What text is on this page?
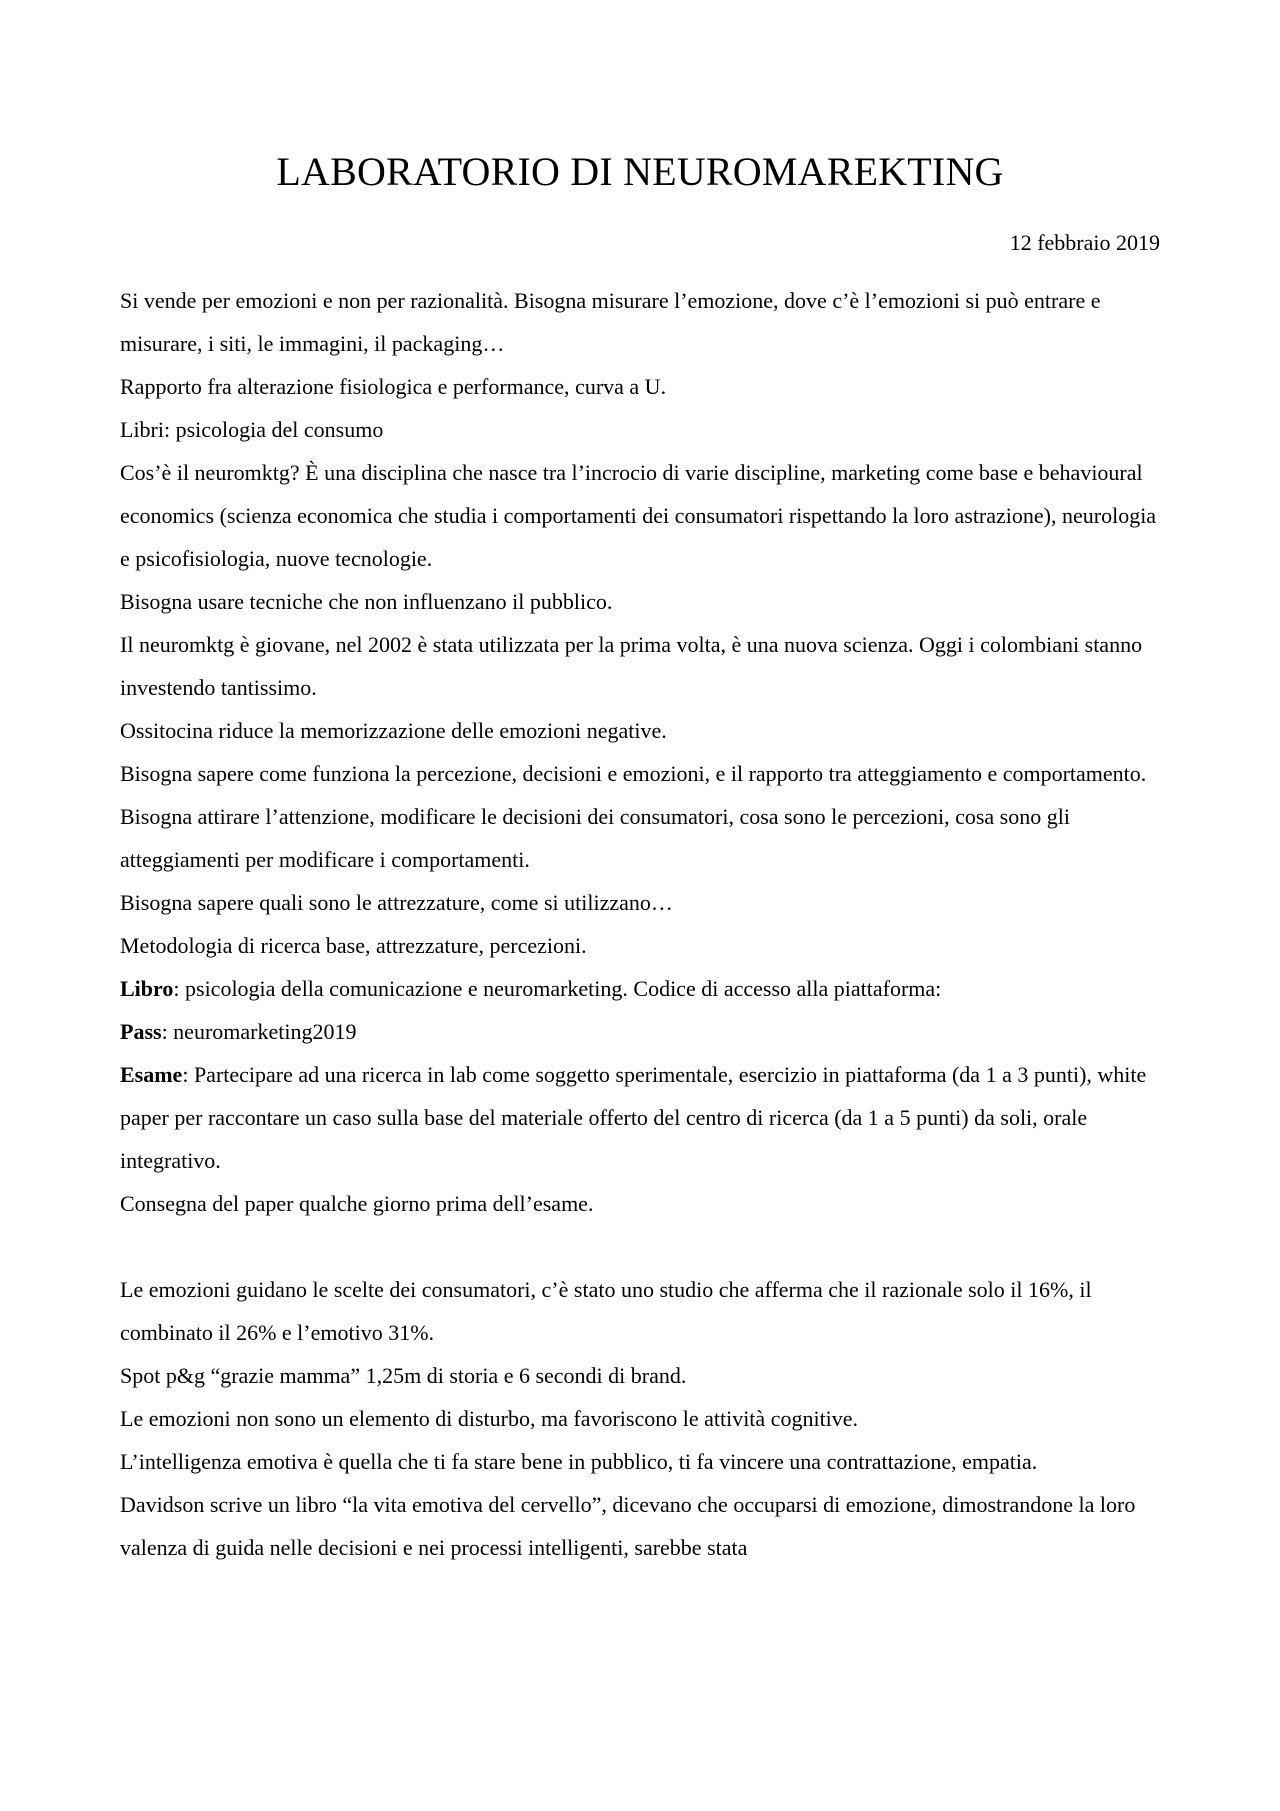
LABORATORIO DI NEUROMAREKTING
12 febbraio 2019

Si vende per emozioni e non per razionalità. Bisogna misurare l’emozione, dove c’è l’emozioni si può entrare e misurare, i siti, le immagini, il packaging…

Rapporto fra alterazione fisiologica e performance, curva a U.

Libri: psicologia del consumo

Cos’è il neuromktg? È una disciplina che nasce tra l’incrocio di varie discipline, marketing come base e behavioural economics (scienza economica che studia i comportamenti dei consumatori rispettando la loro astrazione), neurologia e psicofisiologia, nuove tecnologie.

Bisogna usare tecniche che non influenzano il pubblico.

Il neuromktg è giovane, nel 2002 è stata utilizzata per la prima volta, è una nuova scienza. Oggi i colombiani stanno investendo tantissimo.

Ossitocina riduce la memorizzazione delle emozioni negative.

Bisogna sapere come funziona la percezione, decisioni e emozioni, e il rapporto tra atteggiamento e comportamento.

Bisogna attirare l’attenzione, modificare le decisioni dei consumatori, cosa sono le percezioni, cosa sono gli atteggiamenti per modificare i comportamenti.

Bisogna sapere quali sono le attrezzature, come si utilizzano…

Metodologia di ricerca base, attrezzature, percezioni.

Libro: psicologia della comunicazione e neuromarketing. Codice di accesso alla piattaforma:

Pass: neuromarketing2019

Esame: Partecipare ad una ricerca in lab come soggetto sperimentale, esercizio in piattaforma (da 1 a 3 punti), white paper per raccontare un caso sulla base del materiale offerto del centro di ricerca (da 1 a 5 punti) da soli, orale integrativo.

Consegna del paper qualche giorno prima dell’esame.

Le emozioni guidano le scelte dei consumatori, c’è stato uno studio che afferma che il razionale solo il 16%, il combinato il 26% e l’emotivo 31%.

Spot p&g “grazie mamma” 1,25m di storia e 6 secondi di brand.

Le emozioni non sono un elemento di disturbo, ma favoriscono le attività cognitive.

L’intelligenza emotiva è quella che ti fa stare bene in pubblico, ti fa vincere una contrattazione, empatia.

Davidson scrive un libro “la vita emotiva del cervello”, dicevano che occuparsi di emozione, dimostrandone la loro valenza di guida nelle decisioni e nei processi intelligenti, sarebbe stata
